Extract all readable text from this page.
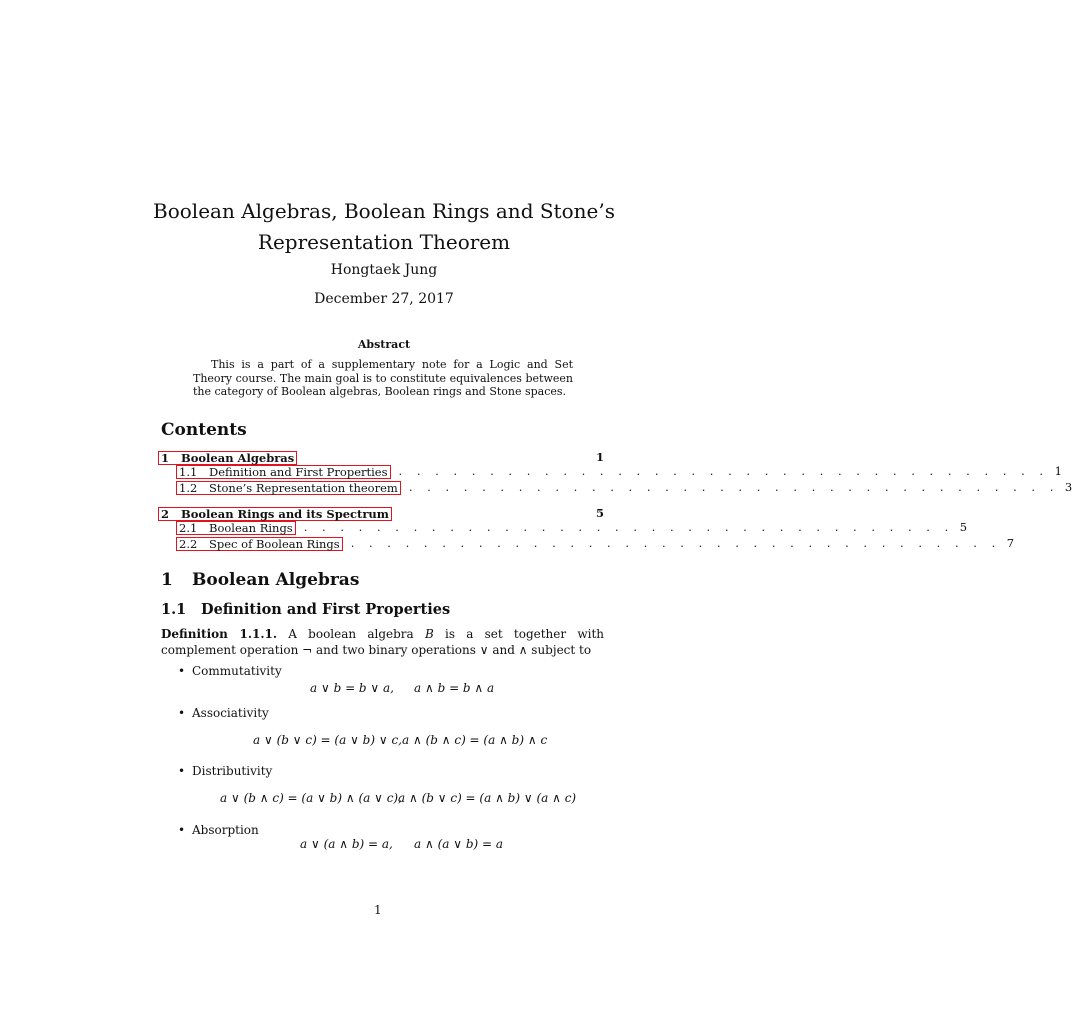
Boolean Algebras, Boolean Rings and Stone’s
Representation Theorem
Hongtaek Jung
December 27, 2017
Abstract
This is a part of a supplementary note for a Logic and Set Theory course. The main goal is to constitute equivalences between the category of Boolean algebras, Boolean rings and Stone spaces.
Contents
1 Boolean Algebras	1
1.1 Definition and First Properties . . . . . . . . . . . . . . . . . . . . . . . . . . . . . . . . . . . . 1
1.2 Stone’s Representation theorem . . . . . . . . . . . . . . . . . . . . . . . . . . . . . . . . . . . . 3
2 Boolean Rings and its Spectrum	5
2.1 Boolean Rings . . . . . . . . . . . . . . . . . . . . . . . . . . . . . . . . . . . . 5
2.2 Spec of Boolean Rings . . . . . . . . . . . . . . . . . . . . . . . . . . . . . . . . . . . . 7
1 Boolean Algebras
1.1 Definition and First Properties
Definition 1.1.1. A boolean algebra B is a set together with complement operation ¬ and two binary operations ∨ and ∧ subject to
• Commutativity
a ∨ b = b ∨ a, a ∧ b = b ∧ a
• Associativity
a ∨ (b ∨ c) = (a ∨ b) ∨ c, a ∧ (b ∧ c) = (a ∧ b) ∧ c
• Distributivity
a ∨ (b ∧ c) = (a ∨ b) ∧ (a ∨ c),
a ∧ (b ∨ c) = (a ∧ b) ∨ (a ∧ c)
• Absorption
a ∨ (a ∧ b) = a, a ∧ (a ∨ b) = a
1
